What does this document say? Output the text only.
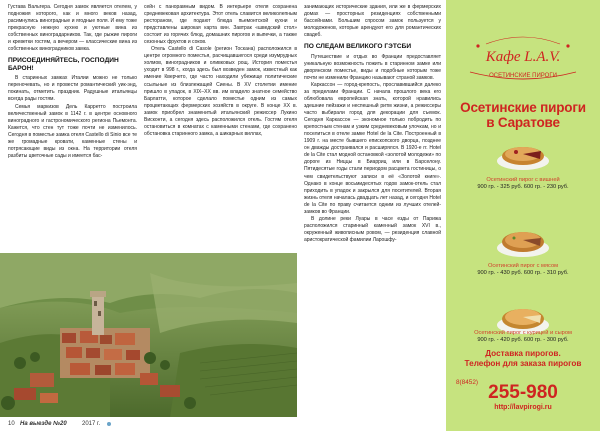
Густава Вальтера. Сегодня замок является отелем, у подножия которого, как и много веков назад, расимнулись виноградные и ягодные поля. И ему тоже прекрасную нежную кухню и уютные вина из собственных виноградарников. Так, где рыжие пироги и креветки гостям, а вечером — классические вина из собственных виноградников замка.

ПРИСОЕДИНЯЙТЕСЬ, ГОСПОДИН БАРОН!

В старинных замках Италии можно не только переночевать, но и провести романтический уик-энд, покинать, отметить праздник. Радушные итальянцы всегда рады гостям.

Семья маркизов Дель Карретто построила величественный замок в 1142 г. в центре основного виноградного и гастрономического региона Пьемонта. Кажется, что стен тут тоже почти не изменилось. Сегодня в поместье замка отеля Castello di Sinio все те же громадные кровати, каменные стены и потрясающие виды из окна. На территории отеля разбиты цветочные сады и имеется бас-

сейн с панорамным видом. В интерьере отеля сохранена средневековая архитектура. Этот отель славится великолепным рестораном, где подают блюда пьемонтской кухни и представлены широкая карта вин. Завтрак «шведский стол» состоит из горячих блюд, домашних пирогов и выпечки, а также сезонных фруктов и соков.

Отель Castello di Casole (регион Тоскана) расположился в центре огромного поместья, расчищавшегося среди изумрудных холмов, виноградников и оливковых рощ. История поместья уходит в 998 г., когда здесь был возведен замок, известный как имение Кверчето, где часто находили убежище политические ссыльные из близлежащей Сиены. В XV столетии имение пришло в упадок, в XIX–XX вв. им владело знатное семейство Барлатти, которое сделало поместье одним из самых процветающих фермерских хозяйств в округе. В конце XX в. замок приобрел знаменитый итальянский режиссер Лукино Висконти, а сегодня здесь расположился отель. Гостям отеля остановиться в комнатах с каменными стенами, где сохранено обстановка старинного замка, а шикарных виллах,

занимающих исторические здания, или же в фермерских домах — просторных резиденциях собственными бассейнами. Большим спросом замок пользуется у молодоженов, которые арендуют его для романтических свадеб.

ПО СЛЕДАМ ВЕЛИКОГО ГЭТСБИ

Путешествие и отдых во Франции предоставляет уникальную возможность пожить в старинном замке или дворянском поместье, виды и подобные которым тоже почти не изменили Францию называют страной замков.

Каркассон — город-крепость, прославившийся далеко за пределами Франции. С начала прошлого века его облюбовала европейская знать, которой нравились здешние пейзажи и неспешный ритм жизни, а режиссеры часто выбирали город для декорации для съемок. Сегодня Каркассон — экономное только побродить по крепостным стенам и узким средневековым улочкам, но и поселиться в отеле замке Hotel de la Cite. Построенный в 1909 г. на месте бывшего епископского дворца, позднее он дважды достраивался и расширялся. В 1920-е гг. Hotel de la Cite стал модной остановкой «золотой молодежи» по дороге из Ниццы в Биарриц или в Барселону. Пятидесятые годы стали периодом расцвета гостиницы, о чем свидетельствуют записи в её «Золотой книге». Однако в конце восьмидесятых годов замок-отель стал приходить в упадок и закрылся для посетителей. Вторая жизнь отеля началась двадцать лет назад, и сегодня Hotel de la Cite по праву считается одним из лучших отелей-замков во Франции.

В долине реки Луары в часе езды от Парижа расположился старинный каменный замок XVI в., окруженный живописным ровом, — резиденция славной аристократической фамилии Ларошфу-

10 На выезде №20	2017 г.
Кафе L.A.V.
ОСЕТИНСКИЕ ПИРОГИ
Осетинские пироги
в Саратове
Осетинский пирог с вишней
900 гр. - 325 руб. 600 гр. - 230 руб.
Осетинский пирог с мясом
900 гр. - 430 руб. 600 гр. - 310 руб.
Осетинский пирог с курицей и сыром
900 гр. - 420 руб. 600 гр. - 300 руб.
Доставка пирогов.
Телефон для заказа пирогов
8(8452) 255-980
http://lavpirogi.ru
